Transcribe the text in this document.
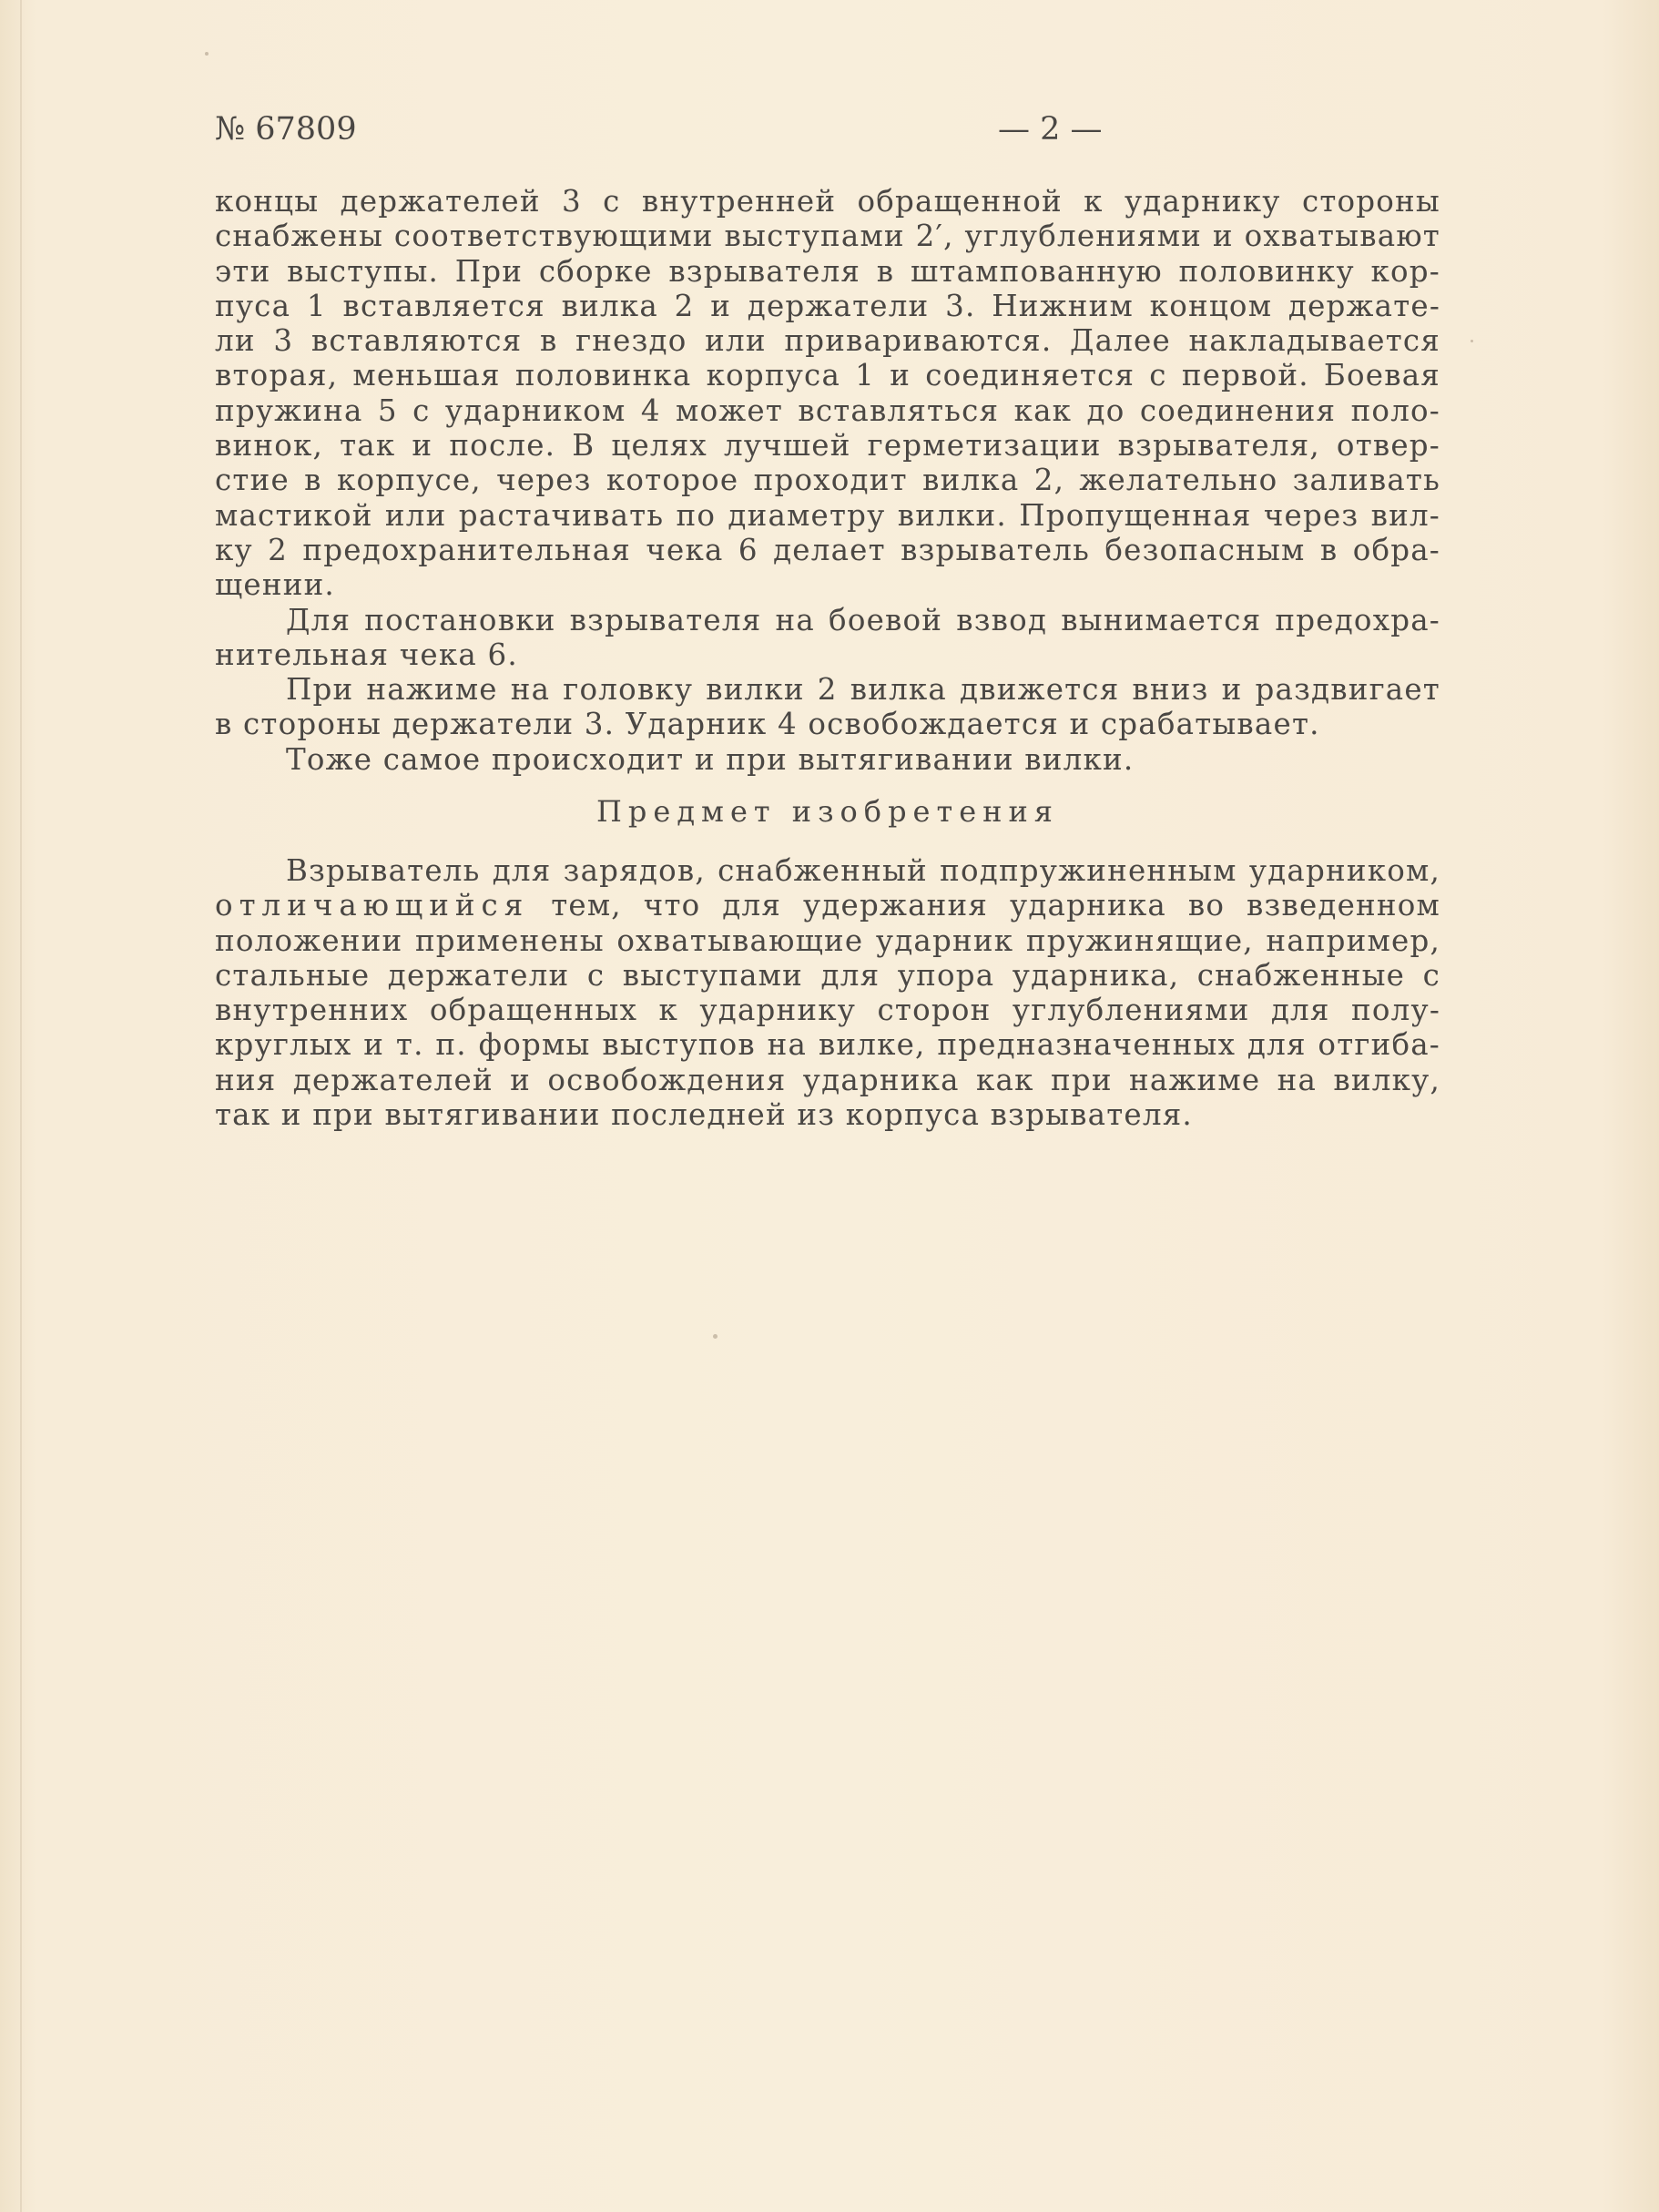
№ 67809	— 2 —
концы держателей 3 с внутренней обращенной к ударнику стороны
снабжены соответствующими выступами 2′, углублениями и охватывают
эти выступы. При сборке взрывателя в штампованную половинку кор-
пуса 1 вставляется вилка 2 и держатели 3. Нижним концом держате-
ли 3 вставляются в гнездо или привариваются. Далее накладывается
вторая, меньшая половинка корпуса 1 и соединяется с первой. Боевая
пружина 5 с ударником 4 может вставляться как до соединения поло-
винок, так и после. В целях лучшей герметизации взрывателя, отвер-
стие в корпусе, через которое проходит вилка 2, желательно заливать
мастикой или растачивать по диаметру вилки. Пропущенная через вил-
ку 2 предохранительная чека 6 делает взрыватель безопасным в обра-
щении.
Для постановки взрывателя на боевой взвод вынимается предохра-
нительная чека 6.
При нажиме на головку вилки 2 вилка движется вниз и раздвигает
в стороны держатели 3. Ударник 4 освобождается и срабатывает.
Тоже самое происходит и при вытягивании вилки.
Предмет изобретения
Взрыватель для зарядов, снабженный подпружиненным ударником,
отличающийся тем, что для удержания ударника во взведенном
положении применены охватывающие ударник пружинящие, например,
стальные держатели с выступами для упора ударника, снабженные с
внутренних обращенных к ударнику сторон углублениями для полу-
круглых и т. п. формы выступов на вилке, предназначенных для отгиба-
ния держателей и освобождения ударника как при нажиме на вилку,
так и при вытягивании последней из корпуса взрывателя.
